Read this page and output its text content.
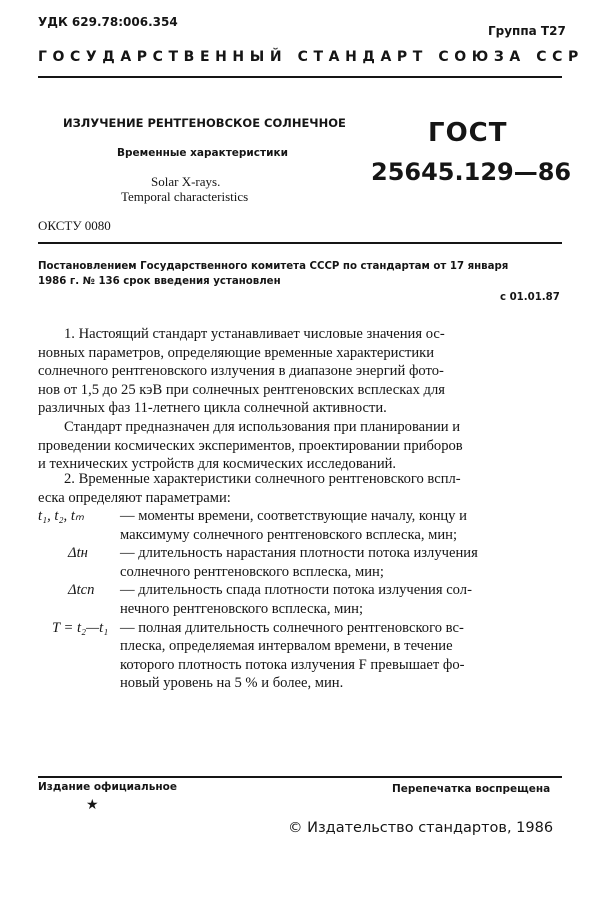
УДК 629.78:006.354
Группа Т27
ГОСУДАРСТВЕННЫЙ СТАНДАРТ СОЮЗА ССР
ИЗЛУЧЕНИЕ РЕНТГЕНОВСКОЕ СОЛНЕЧНОЕ
Временные характеристики
Solar X-rays.
Temporal characteristics
ГОСТ
25645.129—86
ОКСТУ 0080
Постановлением Государственного комитета СССР по стандартам от 17 января
1986 г. № 136 срок введения установлен
с 01.01.87
1. Настоящий стандарт устанавливает числовые значения ос-
новных параметров, определяющие временные характеристики
солнечного рентгеновского излучения в диапазоне энергий фото-
нов от 1,5 до 25 кэВ при солнечных рентгеновских всплесках для
различных фаз 11-летнего цикла солнечной активности.
Стандарт предназначен для использования при планировании и
проведении космических экспериментов, проектировании приборов
и технических устройств для космических исследований.
2. Временные характеристики солнечного рентгеновского вспл-
еска определяют параметрами:
t₁, t₂, tₘ	— моменты времени, соответствующие началу, концу и
максимуму солнечного рентгеновского всплеска, мин;
Δtн	— длительность нарастания плотности потока излучения
солнечного рентгеновского всплеска, мин;
Δtсп	— длительность спада плотности потока излучения сол-
нечного рентгеновского всплеска, мин;
T = t₂—t₁ — полная длительность солнечного рентгеновского вс-
плеска, определяемая интервалом времени, в течение
которого плотность потока излучения F превышает фо-
новый уровень на 5 % и более, мин.
Издание официальное
★
Перепечатка воспрещена
© Издательство стандартов, 1986
